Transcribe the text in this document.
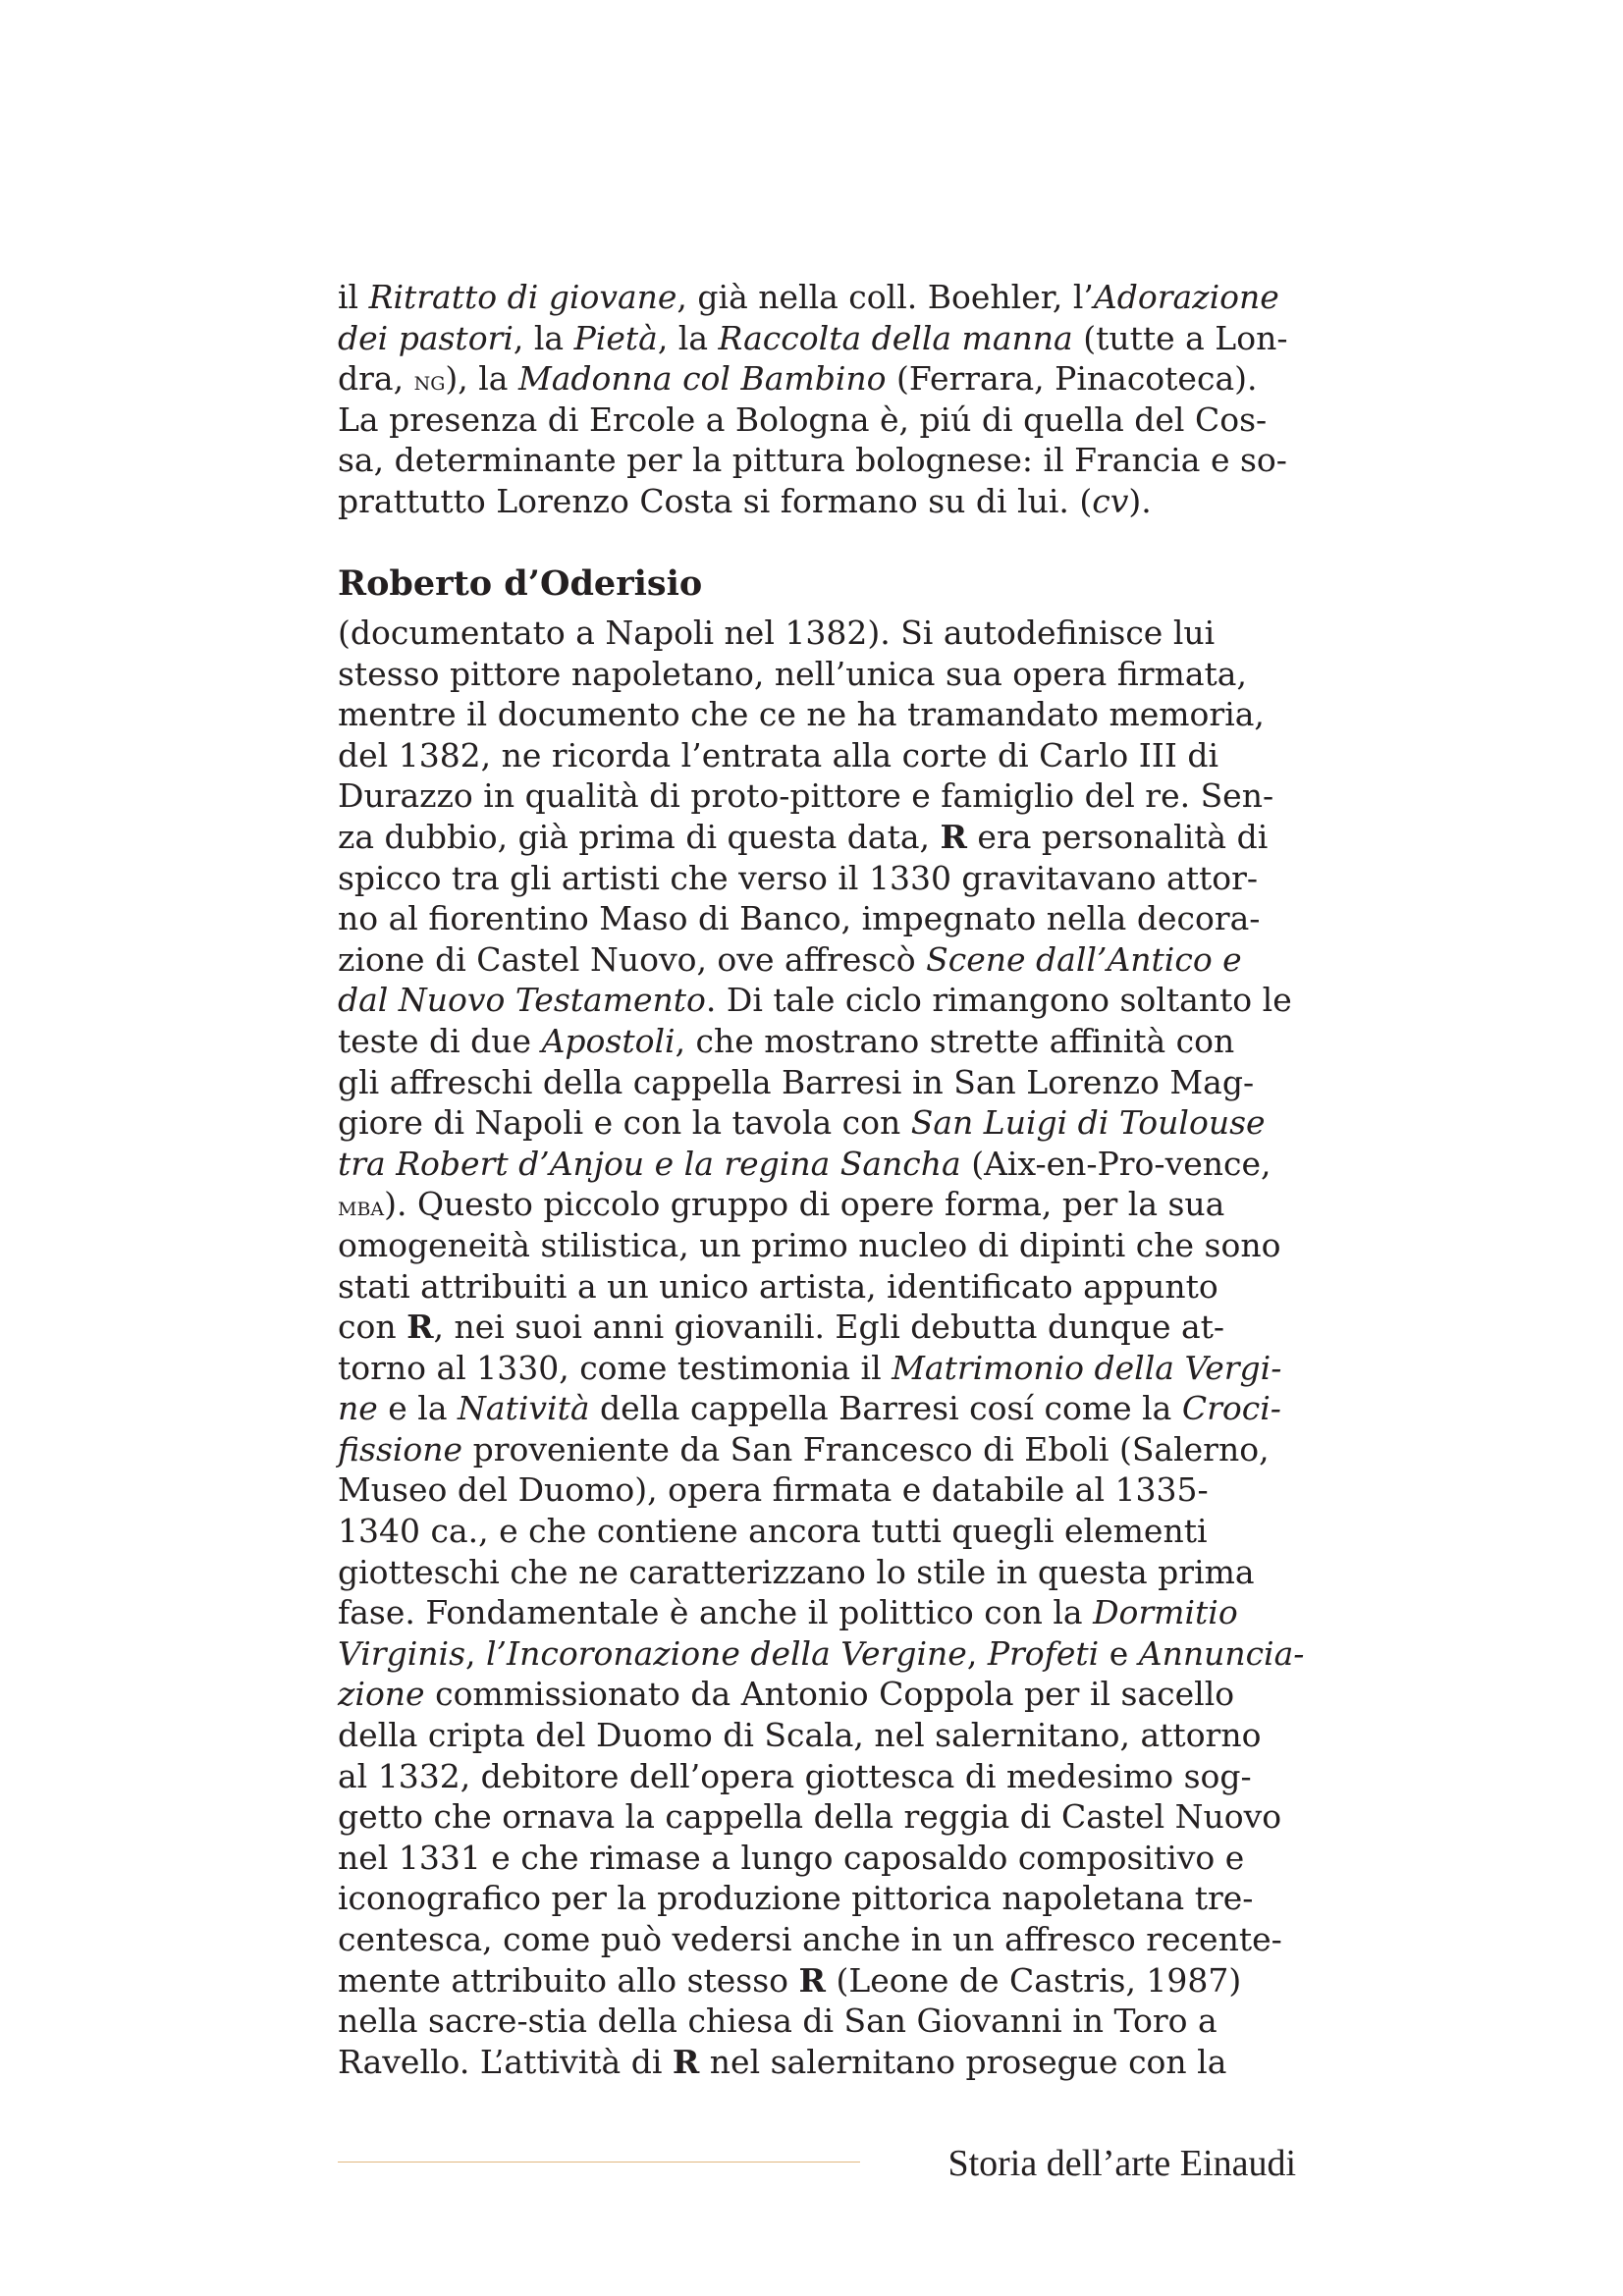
il Ritratto di giovane, già nella coll. Boehler, l’Adorazione
dei pastori, la Pietà, la Raccolta della manna (tutte a Lon-
dra, ng), la Madonna col Bambino (Ferrara, Pinacoteca).
La presenza di Ercole a Bologna è, piú di quella del Cos-
sa, determinante per la pittura bolognese: il Francia e so-
prattutto Lorenzo Costa si formano su di lui. (cv).
Roberto d’Oderisio
(documentato a Napoli nel 1382). Si autodefinisce lui
stesso pittore napoletano, nell’unica sua opera firmata,
mentre il documento che ce ne ha tramandato memoria,
del 1382, ne ricorda l’entrata alla corte di Carlo III di
Durazzo in qualità di proto-pittore e famiglio del re. Sen-
za dubbio, già prima di questa data, R era personalità di
spicco tra gli artisti che verso il 1330 gravitavano attor-
no al fiorentino Maso di Banco, impegnato nella decora-
zione di Castel Nuovo, ove affrescò Scene dall’Antico e
dal Nuovo Testamento. Di tale ciclo rimangono soltanto le
teste di due Apostoli, che mostrano strette affinità con
gli affreschi della cappella Barresi in San Lorenzo Mag-
giore di Napoli e con la tavola con San Luigi di Toulouse
tra Robert d’Anjou e la regina Sancha (Aix-en-Pro-vence,
mba). Questo piccolo gruppo di opere forma, per la sua
omogeneità stilistica, un primo nucleo di dipinti che sono
stati attribuiti a un unico artista, identificato appunto
con R, nei suoi anni giovanili. Egli debutta dunque at-
torno al 1330, come testimonia il Matrimonio della Vergi-
ne e la Natività della cappella Barresi cosí come la Croci-
fissione proveniente da San Francesco di Eboli (Salerno,
Museo del Duomo), opera firmata e databile al 1335-
1340 ca., e che contiene ancora tutti quegli elementi
giotteschi che ne caratterizzano lo stile in questa prima
fase. Fondamentale è anche il polittico con la Dormitio
Virginis, l’Incoronazione della Vergine, Profeti e Annuncia-
zione commissionato da Antonio Coppola per il sacello
della cripta del Duomo di Scala, nel salernitano, attorno
al 1332, debitore dell’opera giottesca di medesimo sog-
getto che ornava la cappella della reggia di Castel Nuovo
nel 1331 e che rimase a lungo caposaldo compositivo e
iconografico per la produzione pittorica napoletana tre-
centesca, come può vedersi anche in un affresco recente-
mente attribuito allo stesso R (Leone de Castris, 1987)
nella sacre-stia della chiesa di San Giovanni in Toro a
Ravello. L’attività di R nel salernitano prosegue con la
Storia dell’arte Einaudi
